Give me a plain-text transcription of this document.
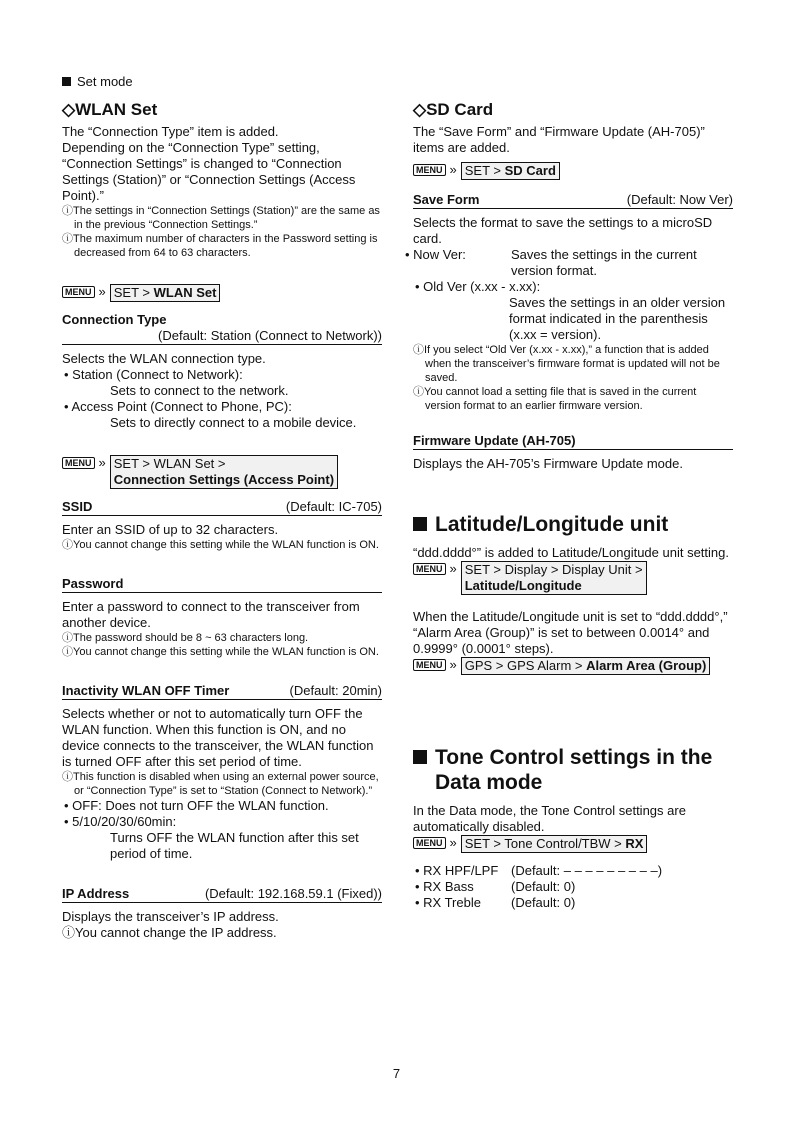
Set mode
◇WLAN Set

The “Connection Type” item is added.

Depending on the “Connection Type” setting, “Connection Settings” is changed to “Connection Settings (Station)” or “Connection Settings (Access Point).”

ⓘThe settings in “Connection Settings (Station)” are the same as in the previous “Connection Settings.”

ⓘThe maximum number of characters in the Password setting is decreased from 64 to 63 characters.

MENU » SET > WLAN Set
Connection Type
(Default: Station (Connect to Network))

Selects the WLAN connection type.

• Station (Connect to Network):

Sets to connect to the network.

• Access Point (Connect to Phone, PC):

Sets to directly connect to a mobile device.

MENU » SET > WLAN Set >
Connection Settings (Access Point)
SSID	(Default: IC-705)

Enter an SSID of up to 32 characters.

ⓘYou cannot change this setting while the WLAN function is ON.

Password

Enter a password to connect to the transceiver from another device.

ⓘThe password should be 8 ~ 63 characters long.

ⓘYou cannot change this setting while the WLAN function is ON.

Inactivity WLAN OFF Timer	(Default: 20min)

Selects whether or not to automatically turn OFF the WLAN function. When this function is ON, and no device connects to the transceiver, the WLAN function is turned OFF after this set period of time.

ⓘThis function is disabled when using an external power source, or “Connection Type” is set to “Station (Connect to Network).”

• OFF: Does not turn OFF the WLAN function.

• 5/10/20/30/60min:

Turns OFF the WLAN function after this set period of time.

IP Address	(Default: 192.168.59.1 (Fixed))

Displays the transceiver’s IP address.

ⓘYou cannot change the IP address.

◇SD Card

The “Save Form” and “Firmware Update (AH-705)” items are added.

MENU » SET > SD Card
Save Form	(Default: Now Ver)

Selects the format to save the settings to a microSD card.

• Now Ver:	Saves the settings in the current version format.

• Old Ver (x.xx - x.xx):

Saves the settings in an older version format indicated in the parenthesis (x.xx = version).

ⓘIf you select “Old Ver (x.xx - x.xx),” a function that is added when the transceiver’s firmware format is updated will not be saved.

ⓘYou cannot load a setting file that is saved in the current version format to an earlier firmware version.

Firmware Update (AH-705)

Displays the AH-705’s Firmware Update mode.

Latitude/Longitude unit

“ddd.dddd°” is added to Latitude/Longitude unit setting.

MENU » SET > Display > Display Unit >
Latitude/Longitude

When the Latitude/Longitude unit is set to “ddd.dddd°,” “Alarm Area (Group)” is set to between 0.0014° and 0.9999° (0.0001° steps).

MENU » GPS > GPS Alarm > Alarm Area (Group)
Tone Control settings in the
Data mode

In the Data mode, the Tone Control settings are automatically disabled.

MENU » SET > Tone Control/TBW > RX
• RX HPF/LPF (Default: – – – – – – – – –)
• RX Bass	(Default: 0)
• RX Treble	(Default: 0)
7
